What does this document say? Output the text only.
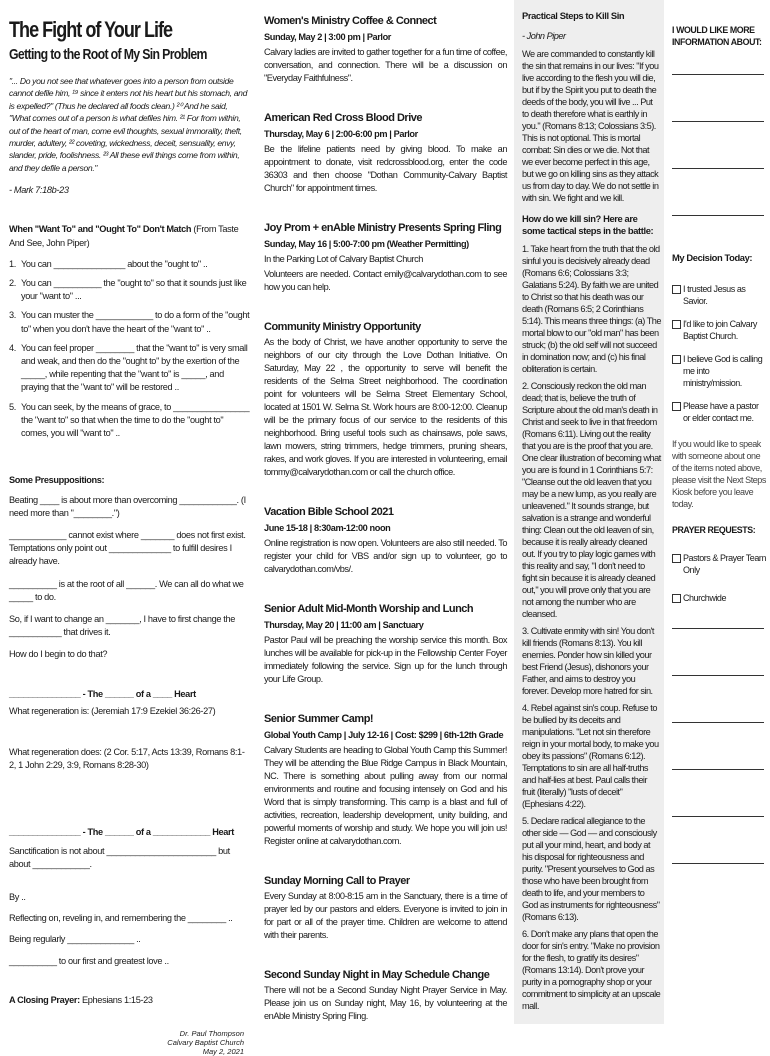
The Fight of Your Life
Getting to the Root of My Sin Problem
"... Do you not see that whatever goes into a person from outside cannot defile him, ¹⁹ since it enters not his heart but his stomach, and is expelled?" (Thus he declared all foods clean.) ²⁰ And he said, "What comes out of a person is what defiles him. ²¹ For from within, out of the heart of man, come evil thoughts, sexual immorality, theft, murder, adultery, ²² coveting, wickedness, deceit, sensuality, envy, slander, pride, foolishness. ²³ All these evil things come from within, and they defile a person."
- Mark 7:18b-23
When "Want To" and "Ought To" Don't Match (From Taste And See, John Piper)
1. You can _______________ about the "ought to" ..
2. You can __________ the "ought to" so that it sounds just like your "want to" ...
3. You can muster the ____________ to do a form of the "ought to" when you don't have the heart of the "want to" ..
4. You can feel proper ________ that the "want to" is very small and weak, and then do the "ought to" by the exertion of the _____, while repenting that the "want to" is _____, and praying that the "want to" will be restored ..
5. You can seek, by the means of grace, to ________________ the "want to" so that when the time to do the "ought to" comes, you will "want to" ..
Some Presuppositions:
Beating ____ is about more than overcoming ____________. (I need more than "________.")
____________ cannot exist where _______ does not first exist. Temptations only point out _____________ to fulfill desires I already have.
__________ is at the root of all ______. We can all do what we _____ to do.
So, if I want to change an _______, I have to first change the ___________ that drives it.
How do I begin to do that?
_______________ - The ______ of a ____ Heart
What regeneration is: (Jeremiah 17:9 Ezekiel 36:26-27)
What regeneration does: (2 Cor. 5:17, Acts 13:39, Romans 8:1-2, 1 John 2:29, 3:9, Romans 8:28-30)
_______________ - The ______ of a ____________ Heart
Sanctification is not about _______________________ but about ____________.
By ..
Reflecting on, reveling in, and remembering the ________ ..
Being regularly ______________ ..
__________ to our first and greatest love ..
A Closing Prayer: Ephesians 1:15-23
Dr. Paul Thompson
Calvary Baptist Church
May 2, 2021
Women's Ministry Coffee & Connect
Sunday, May 2 | 3:00 pm | Parlor
Calvary ladies are invited to gather together for a fun time of coffee, conversation, and connection. There will be a discussion on "Everyday Faithfulness".
American Red Cross Blood Drive
Thursday, May 6 | 2:00-6:00 pm | Parlor
Be the lifeline patients need by giving blood. To make an appointment to donate, visit redcrossblood.org, enter the code 36303 and then choose "Dothan Community-Calvary Baptist Church" for appointment times.
Joy Prom + enAble Ministry Presents Spring Fling
Sunday, May 16 | 5:00-7:00 pm (Weather Permitting)
In the Parking Lot of Calvary Baptist Church
Volunteers are needed. Contact emily@calvarydothan.com to see how you can help.
Community Ministry Opportunity
As the body of Christ, we have another opportunity to serve the neighbors of our city through the Love Dothan Initiative. On Saturday, May 22 , the opportunity to serve will benefit the residents of the Selma Street neighborhood. The coordination point for volunteers will be Selma Street Elementary School, located at 1501 W. Selma St. Work hours are 8:00-12:00. Cleanup will be the primary focus of our service to the residents of this neighborhood. Bring useful tools such as chainsaws, pole saws, lawn mowers, string trimmers, hedge trimmers, pruning shears, rakes, and work gloves. If you are interested in volunteering, email tommy@calvarydothan.com or call the church office.
Vacation Bible School 2021
June 15-18 | 8:30am-12:00 noon
Online registration is now open. Volunteers are also still needed. To register your child for VBS and/or sign up to volunteer, go to calvarydothan.com/vbs/.
Senior Adult Mid-Month Worship and Lunch
Thursday, May 20 | 11:00 am | Sanctuary
Pastor Paul will be preaching the worship service this month. Box lunches will be available for pick-up in the Fellowship Center Foyer immediately following the service. Sign up for the lunch through your Life Group.
Senior Summer Camp!
Global Youth Camp | July 12-16 | Cost: $299 | 6th-12th Grade
Calvary Students are heading to Global Youth Camp this Summer! They will be attending the Blue Ridge Campus in Black Mountain, NC. There is something about pulling away from our normal environments and routine and focusing intensely on God and his Word that is simply transforming. This camp is a blast and full of activities, recreation, leadership development, unity building, and powerful moments of worship and study. We hope you will join us! Register online at calvarydothan.com.
Sunday Morning Call to Prayer
Every Sunday at 8:00-8:15 am in the Sanctuary, there is a time of prayer led by our pastors and elders. Everyone is invited to join in for part or all of the prayer time. Children are welcome to attend with their parents.
Second Sunday Night in May Schedule Change
There will not be a Second Sunday Night Prayer Service in May. Please join us on Sunday night, May 16, by volunteering at the enAble Ministry Spring Fling.
Practical Steps to Kill Sin
- John Piper

We are commanded to constantly kill the sin that remains in our lives: "If you live according to the flesh you will die, but if by the Spirit you put to death the deeds of the body, you will live ... Put to death therefore what is earthly in you." (Romans 8:13; Colossians 3:5). This is not optional. This is mortal combat: Sin dies or we die. Not that we ever become perfect in this age, but we go on killing sins as they attack us from day to day. We do not settle in with sin. We fight and we kill.

How do we kill sin? Here are some tactical steps in the battle:

1. Take heart from the truth that the old sinful you is decisively already dead (Romans 6:6; Colossians 3:3; Galatians 5:24). By faith we are united to Christ so that his death was our death (Romans 6:5; 2 Corinthians 5:14). This means three things: (a) The mortal blow to our "old man" has been struck; (b) the old self will not succeed in domination now; and (c) his final obliteration is certain.

2. Consciously reckon the old man dead; that is, believe the truth of Scripture about the old man's death in Christ and seek to live in that freedom (Romans 6:11). Living out the reality that you are is the proof that you are. One clear illustration of becoming what you are is found in 1 Corinthians 5:7: "Cleanse out the old leaven that you may be a new lump, as you really are unleavened." It sounds strange, but salvation is a strange and wonderful thing: Clean out the old leaven of sin, because it is really already cleaned out. If you try to play logic games with this reality and say, "I don't need to fight sin because it is already cleaned out," you will prove only that you are not among the number who are cleansed.

3. Cultivate enmity with sin! You don't kill friends (Romans 8:13). You kill enemies. Ponder how sin killed your best Friend (Jesus), dishonors your Father, and aims to destroy you forever. Develop more hatred for sin.

4. Rebel against sin's coup. Refuse to be bullied by its deceits and manipulations. "Let not sin therefore reign in your mortal body, to make you obey its passions" (Romans 6:12). Temptations to sin are all half-truths and half-lies at best. Paul calls their fruit (literally) "lusts of deceit" (Ephesians 4:22).

5. Declare radical allegiance to the other side — God — and consciously put all your mind, heart, and body at his disposal for righteousness and purity. "Present yourselves to God as those who have been brought from death to life, and your members to God as instruments for righteousness" (Romans 6:13).

6. Don't make any plans that open the door for sin's entry. "Make no provision for the flesh, to gratify its desires" (Romans 13:14). Don't prove your purity in a pornography shop or your commitment to simplicity at an upscale mall.

I WOULD LIKE MORE INFORMATION ABOUT:
My Decision Today:
I trusted Jesus as Savior.
I'd like to join Calvary Baptist Church.
I believe God is calling me into ministry/mission.
Please have a pastor or elder contact me.
If you would like to speak with someone about one of the items noted above, please visit the Next Steps Kiosk before you leave today.
PRAYER REQUESTS:
Pastors & Prayer Team Only
Churchwide
